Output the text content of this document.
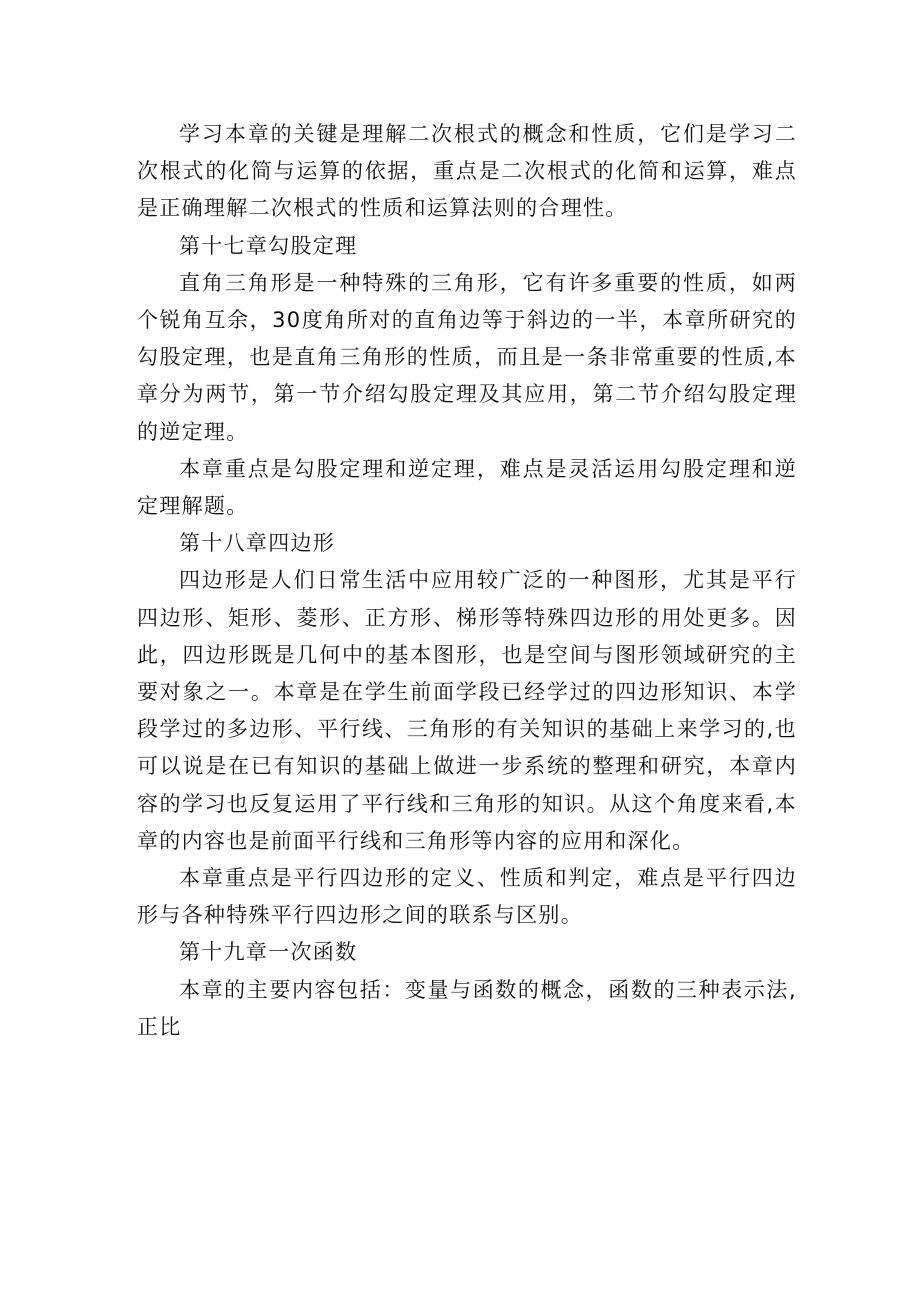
学习本章的关键是理解二次根式的概念和性质，它们是学习二次根式的化简与运算的依据，重点是二次根式的化简和运算，难点是正确理解二次根式的性质和运算法则的合理性。

第十七章勾股定理

直角三角形是一种特殊的三角形，它有许多重要的性质，如两个锐角互余，30度角所对的直角边等于斜边的一半，本章所研究的勾股定理，也是直角三角形的性质，而且是一条非常重要的性质,本章分为两节，第一节介绍勾股定理及其应用，第二节介绍勾股定理的逆定理。

本章重点是勾股定理和逆定理，难点是灵活运用勾股定理和逆定理解题。

第十八章四边形

四边形是人们日常生活中应用较广泛的一种图形，尤其是平行四边形、矩形、菱形、正方形、梯形等特殊四边形的用处更多。因此，四边形既是几何中的基本图形，也是空间与图形领域研究的主要对象之一。本章是在学生前面学段已经学过的四边形知识、本学段学过的多边形、平行线、三角形的有关知识的基础上来学习的,也可以说是在已有知识的基础上做进一步系统的整理和研究，本章内容的学习也反复运用了平行线和三角形的知识。从这个角度来看,本章的内容也是前面平行线和三角形等内容的应用和深化。

本章重点是平行四边形的定义、性质和判定，难点是平行四边形与各种特殊平行四边形之间的联系与区别。

第十九章一次函数

本章的主要内容包括：变量与函数的概念，函数的三种表示法,正比
